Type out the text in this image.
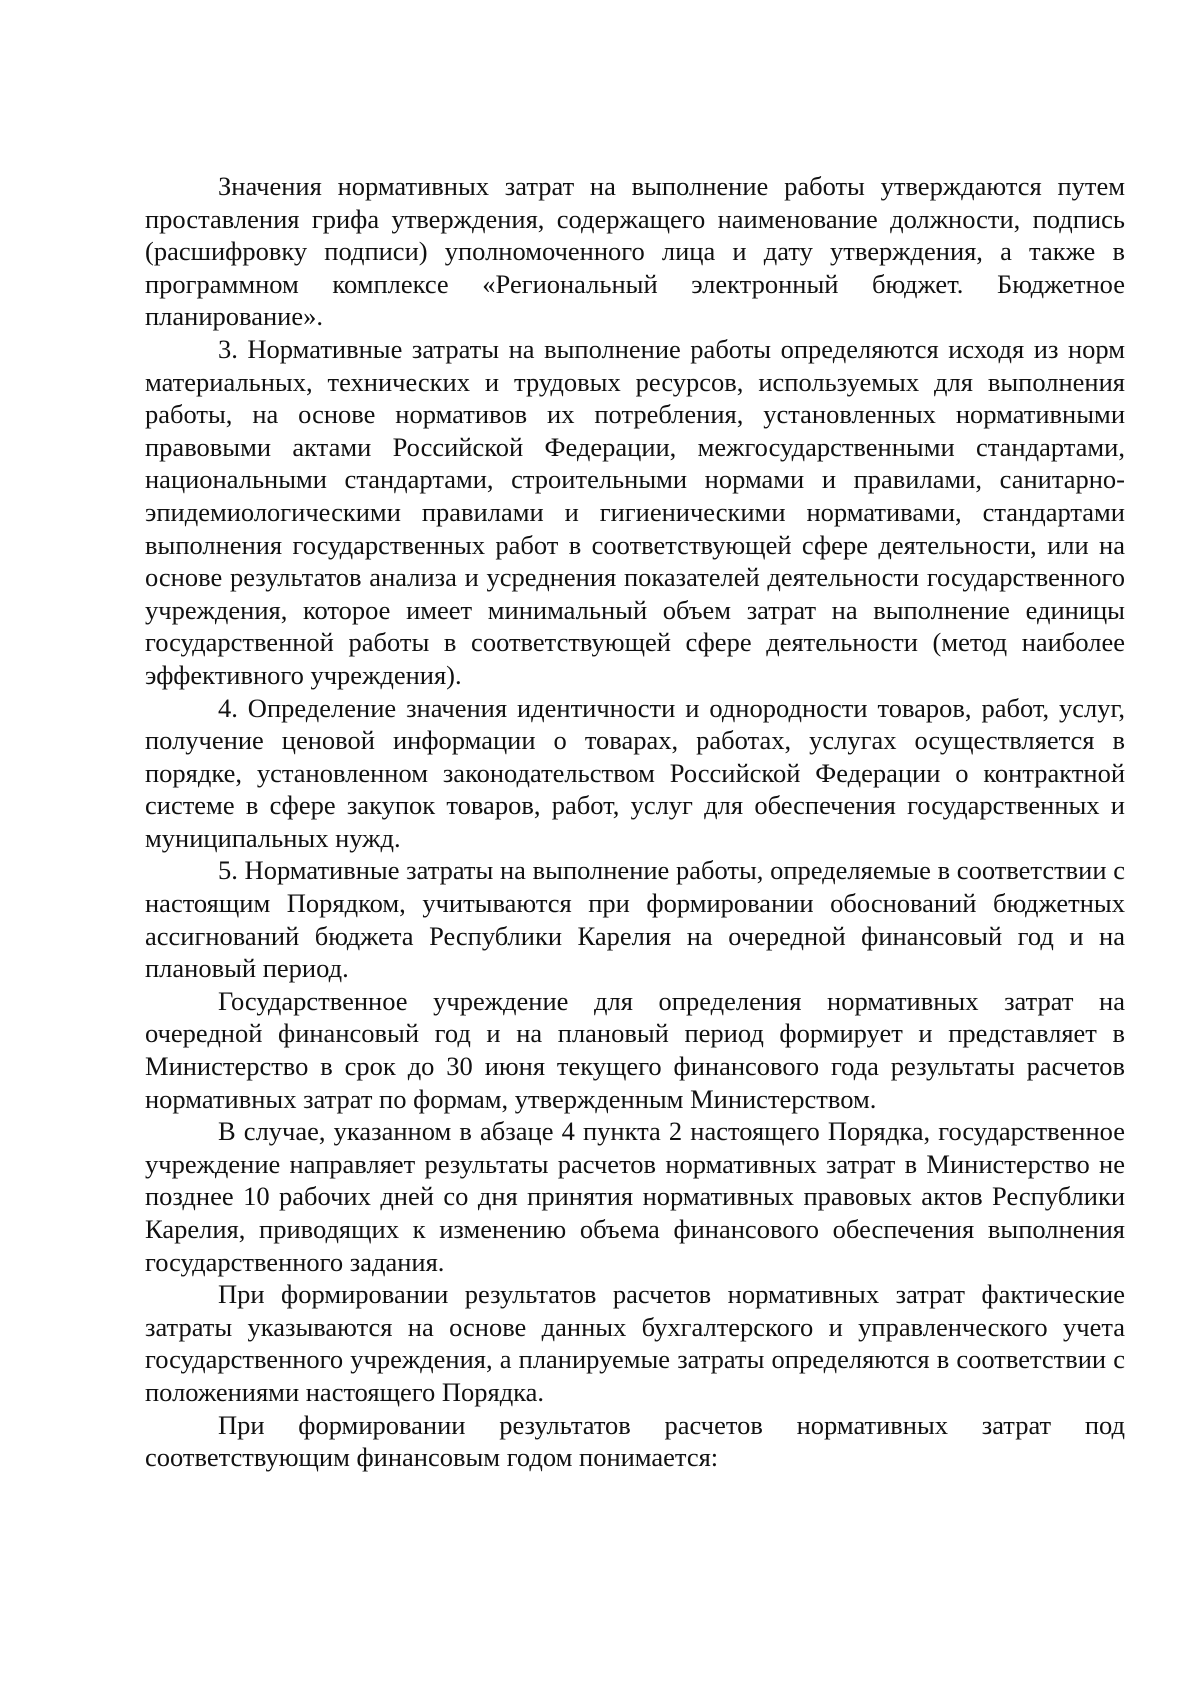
Значения нормативных затрат на выполнение работы утверждаются путем проставления грифа утверждения, содержащего наименование должности, подпись (расшифровку подписи) уполномоченного лица и дату утверждения, а также в программном комплексе «Региональный электронный бюджет. Бюджетное планирование».

3. Нормативные затраты на выполнение работы определяются исходя из норм материальных, технических и трудовых ресурсов, используемых для выполнения работы, на основе нормативов их потребления, установленных нормативными правовыми актами Российской Федерации, межгосударственными стандартами, национальными стандартами, строительными нормами и правилами, санитарно-эпидемиологическими правилами и гигиеническими нормативами, стандартами выполнения государственных работ в соответствующей сфере деятельности, или на основе результатов анализа и усреднения показателей деятельности государственного учреждения, которое имеет минимальный объем затрат на выполнение единицы государственной работы в соответствующей сфере деятельности (метод наиболее эффективного учреждения).

4. Определение значения идентичности и однородности товаров, работ, услуг, получение ценовой информации о товарах, работах, услугах осуществляется в порядке, установленном законодательством Российской Федерации о контрактной системе в сфере закупок товаров, работ, услуг для обеспечения государственных и муниципальных нужд.

5. Нормативные затраты на выполнение работы, определяемые в соответствии с настоящим Порядком, учитываются при формировании обоснований бюджетных ассигнований бюджета Республики Карелия на очередной финансовый год и на плановый период.

Государственное учреждение для определения нормативных затрат на очередной финансовый год и на плановый период формирует и представляет в Министерство в срок до 30 июня текущего финансового года результаты расчетов нормативных затрат по формам, утвержденным Министерством.

В случае, указанном в абзаце 4 пункта 2 настоящего Порядка, государственное учреждение направляет результаты расчетов нормативных затрат в Министерство не позднее 10 рабочих дней со дня принятия нормативных правовых актов Республики Карелия, приводящих к изменению объема финансового обеспечения выполнения государственного задания.

При формировании результатов расчетов нормативных затрат фактические затраты указываются на основе данных бухгалтерского и управленческого учета государственного учреждения, а планируемые затраты определяются в соответствии с положениями настоящего Порядка.

При формировании результатов расчетов нормативных затрат под соответствующим финансовым годом понимается:
